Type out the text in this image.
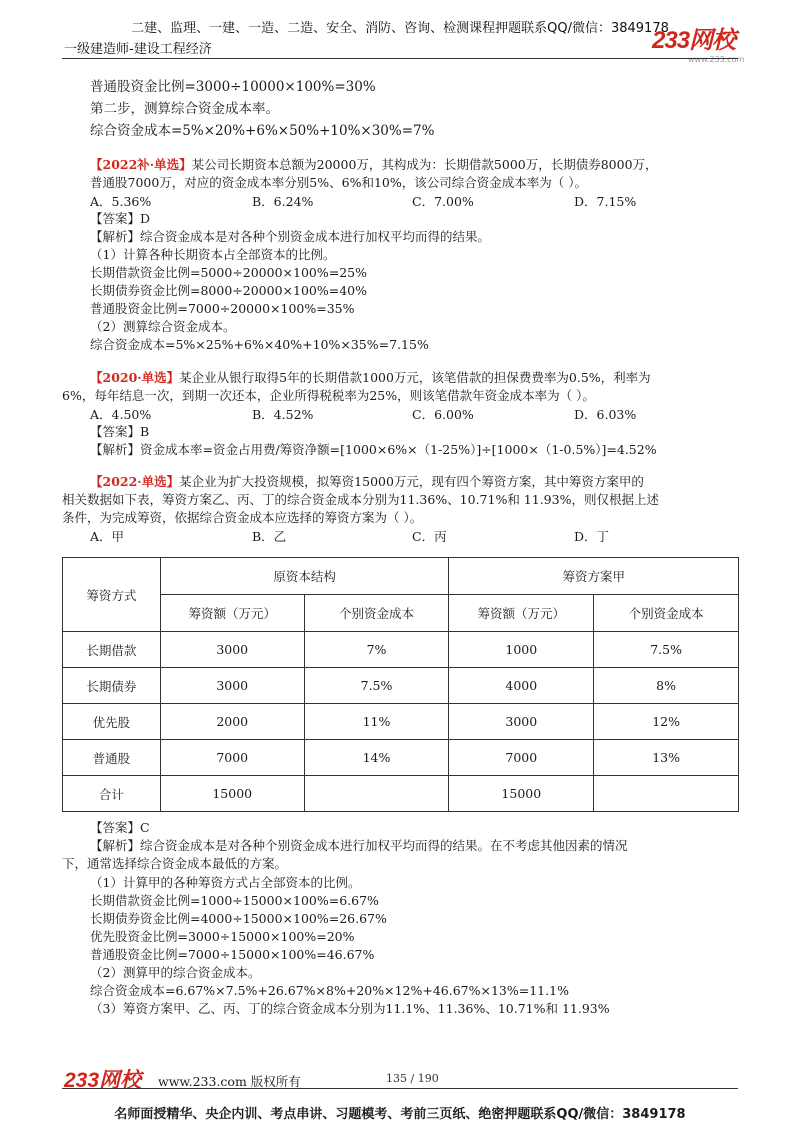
二建、监理、一建、一造、二造、安全、消防、咨询、检测课程押题联系QQ/微信：3849178
一级建造师-建设工程经济	233网校
www.233.com
普通股资金比例=3000÷10000×100%=30%
第二步，测算综合资金成本率。
综合资金成本=5%×20%+6%×50%+10%×30%=7%
【2022补·单选】某公司长期资本总额为20000万，其构成为：长期借款5000万，长期债券8000万，
普通股7000万，对应的资金成本率分别5%、6%和10%，该公司综合资金成本率为（ ）。
A．5.36%	B．6.24%	C．7.00%	D．7.15%
【答案】D
【解析】综合资金成本是对各种个别资金成本进行加权平均而得的结果。
（1）计算各种长期资本占全部资本的比例。
长期借款资金比例=5000÷20000×100%=25%
长期债券资金比例=8000÷20000×100%=40%
普通股资金比例=7000÷20000×100%=35%
（2）测算综合资金成本。
综合资金成本=5%×25%+6%×40%+10%×35%=7.15%
【2020·单选】某企业从银行取得5年的长期借款1000万元，该笔借款的担保费费率为0.5%，利率为
6%，每年结息一次，到期一次还本，企业所得税税率为25%，则该笔借款年资金成本率为（ ）。
A．4.50%	B．4.52%	C．6.00%	D．6.03%
【答案】B
【解析】资金成本率=资金占用费/筹资净额=[1000×6%×（1-25%）]÷[1000×（1-0.5%）]=4.52%
【2022·单选】某企业为扩大投资规模，拟筹资15000万元，现有四个筹资方案，其中筹资方案甲的
相关数据如下表，筹资方案乙、丙、丁的综合资金成本分别为11.36%、10.71%和 11.93%，则仅根据上述
条件，为完成筹资，依据综合资金成本应选择的筹资方案为（ ）。
A．甲	B．乙	C．丙	D．丁
筹资方式	原资本结构		筹资方案甲	
	筹资额（万元）	个别资金成本	筹资额（万元）	个别资金成本
长期借款	3000	7%	1000	7.5%
长期债券	3000	7.5%	4000	8%
优先股	2000	11%	3000	12%
普通股	7000	14%	7000	13%
合计	15000		15000	
【答案】C
【解析】综合资金成本是对各种个别资金成本进行加权平均而得的结果。在不考虑其他因素的情况
下，通常选择综合资金成本最低的方案。
（1）计算甲的各种筹资方式占全部资本的比例。
长期借款资金比例=1000÷15000×100%=6.67%
长期债券资金比例=4000÷15000×100%=26.67%
优先股资金比例=3000÷15000×100%=20%
普通股资金比例=7000÷15000×100%=46.67%
（2）测算甲的综合资金成本。
综合资金成本=6.67%×7.5%+26.67%×8%+20%×12%+46.67%×13%=11.1%
（3）筹资方案甲、乙、丙、丁的综合资金成本分别为11.1%、11.36%、10.71%和 11.93%
233网校 www.233.com 版权所有	135 / 190
名师面授精华、央企内训、考点串讲、习题模考、考前三页纸、绝密押题联系QQ/微信：3849178
